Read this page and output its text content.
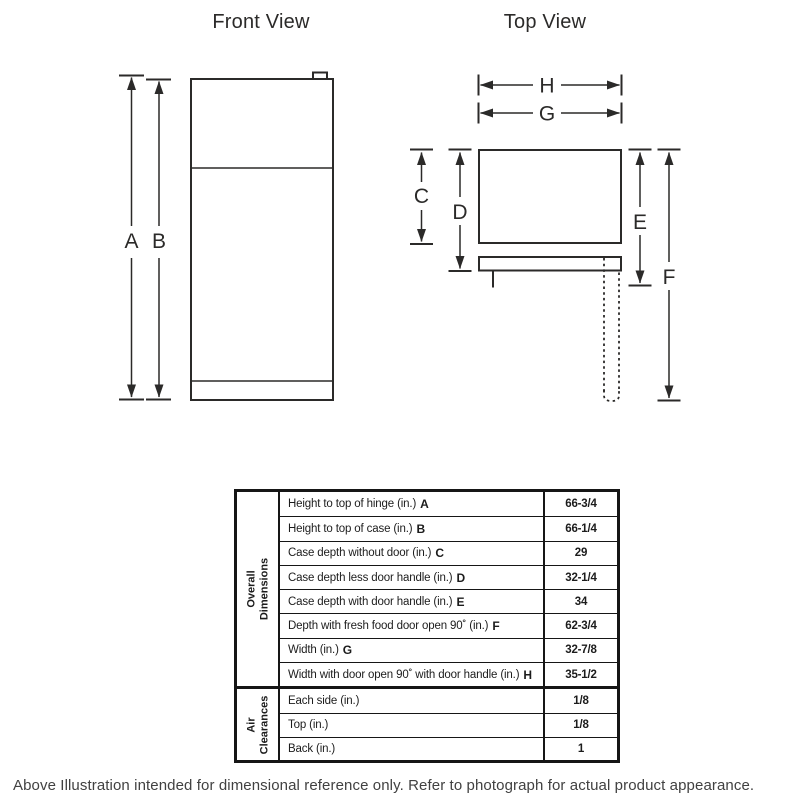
Front View	Top View
A B
H
G
C
D	E
F
Overall Dimensions
Height to top of hinge (in.) A	66-3/4
Height to top of case (in.) B	66-1/4
Case depth without door (in.) C	29
Case depth less door handle (in.) D	32-1/4
Case depth with door handle (in.) E	34
Depth with fresh food door open 90˚ (in.) F	62-3/4
Width (in.) G	32-7/8
Width with door open 90˚ with door handle (in.) H	35-1/2
Air Clearances Each side (in.)	1/8
Top (in.)	1/8
Back (in.)	1
Above Illustration intended for dimensional reference only. Refer to photograph for actual product appearance.
